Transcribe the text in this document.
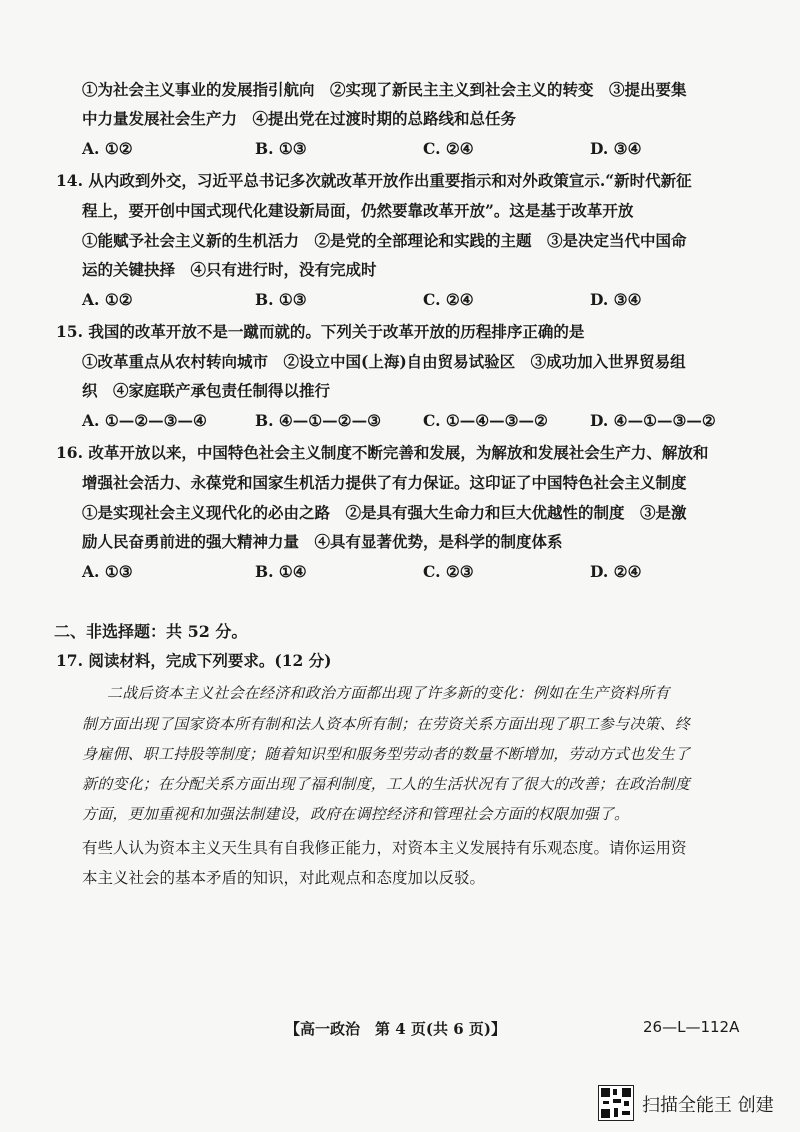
①为社会主义事业的发展指引航向　②实现了新民主主义到社会主义的转变　③提出要集
中力量发展社会生产力　④提出党在过渡时期的总路线和总任务
A. ①②	B. ①③	C. ②④	D. ③④
14. 从内政到外交，习近平总书记多次就改革开放作出重要指示和对外政策宣示.“新时代新征
程上，要开创中国式现代化建设新局面，仍然要靠改革开放”。这是基于改革开放
①能赋予社会主义新的生机活力　②是党的全部理论和实践的主题　③是决定当代中国命
运的关键抉择　④只有进行时，没有完成时
A. ①②	B. ①③	C. ②④	D. ③④
15. 我国的改革开放不是一蹴而就的。下列关于改革开放的历程排序正确的是
①改革重点从农村转向城市　②设立中国(上海)自由贸易试验区　③成功加入世界贸易组
织　④家庭联产承包责任制得以推行
A. ①—②—③—④	B. ④—①—②—③	C. ①—④—③—②	D. ④—①—③—②
16. 改革开放以来，中国特色社会主义制度不断完善和发展，为解放和发展社会生产力、解放和
增强社会活力、永葆党和国家生机活力提供了有力保证。这印证了中国特色社会主义制度
①是实现社会主义现代化的必由之路　②是具有强大生命力和巨大优越性的制度　③是激
励人民奋勇前进的强大精神力量　④具有显著优势，是科学的制度体系
A. ①③	B. ①④	C. ②③	D. ②④
二、非选择题：共 52 分。
17. 阅读材料，完成下列要求。(12 分)
二战后资本主义社会在经济和政治方面都出现了许多新的变化：例如在生产资料所有
制方面出现了国家资本所有制和法人资本所有制；在劳资关系方面出现了职工参与决策、终
身雇佣、职工持股等制度；随着知识型和服务型劳动者的数量不断增加，劳动方式也发生了
新的变化；在分配关系方面出现了福利制度，工人的生活状况有了很大的改善；在政治制度
方面，更加重视和加强法制建设，政府在调控经济和管理社会方面的权限加强了。
有些人认为资本主义天生具有自我修正能力，对资本主义发展持有乐观态度。请你运用资
本主义社会的基本矛盾的知识，对此观点和态度加以反驳。
【高一政治　第 4 页(共 6 页)】	26—L—112A
扫描全能王 创建
